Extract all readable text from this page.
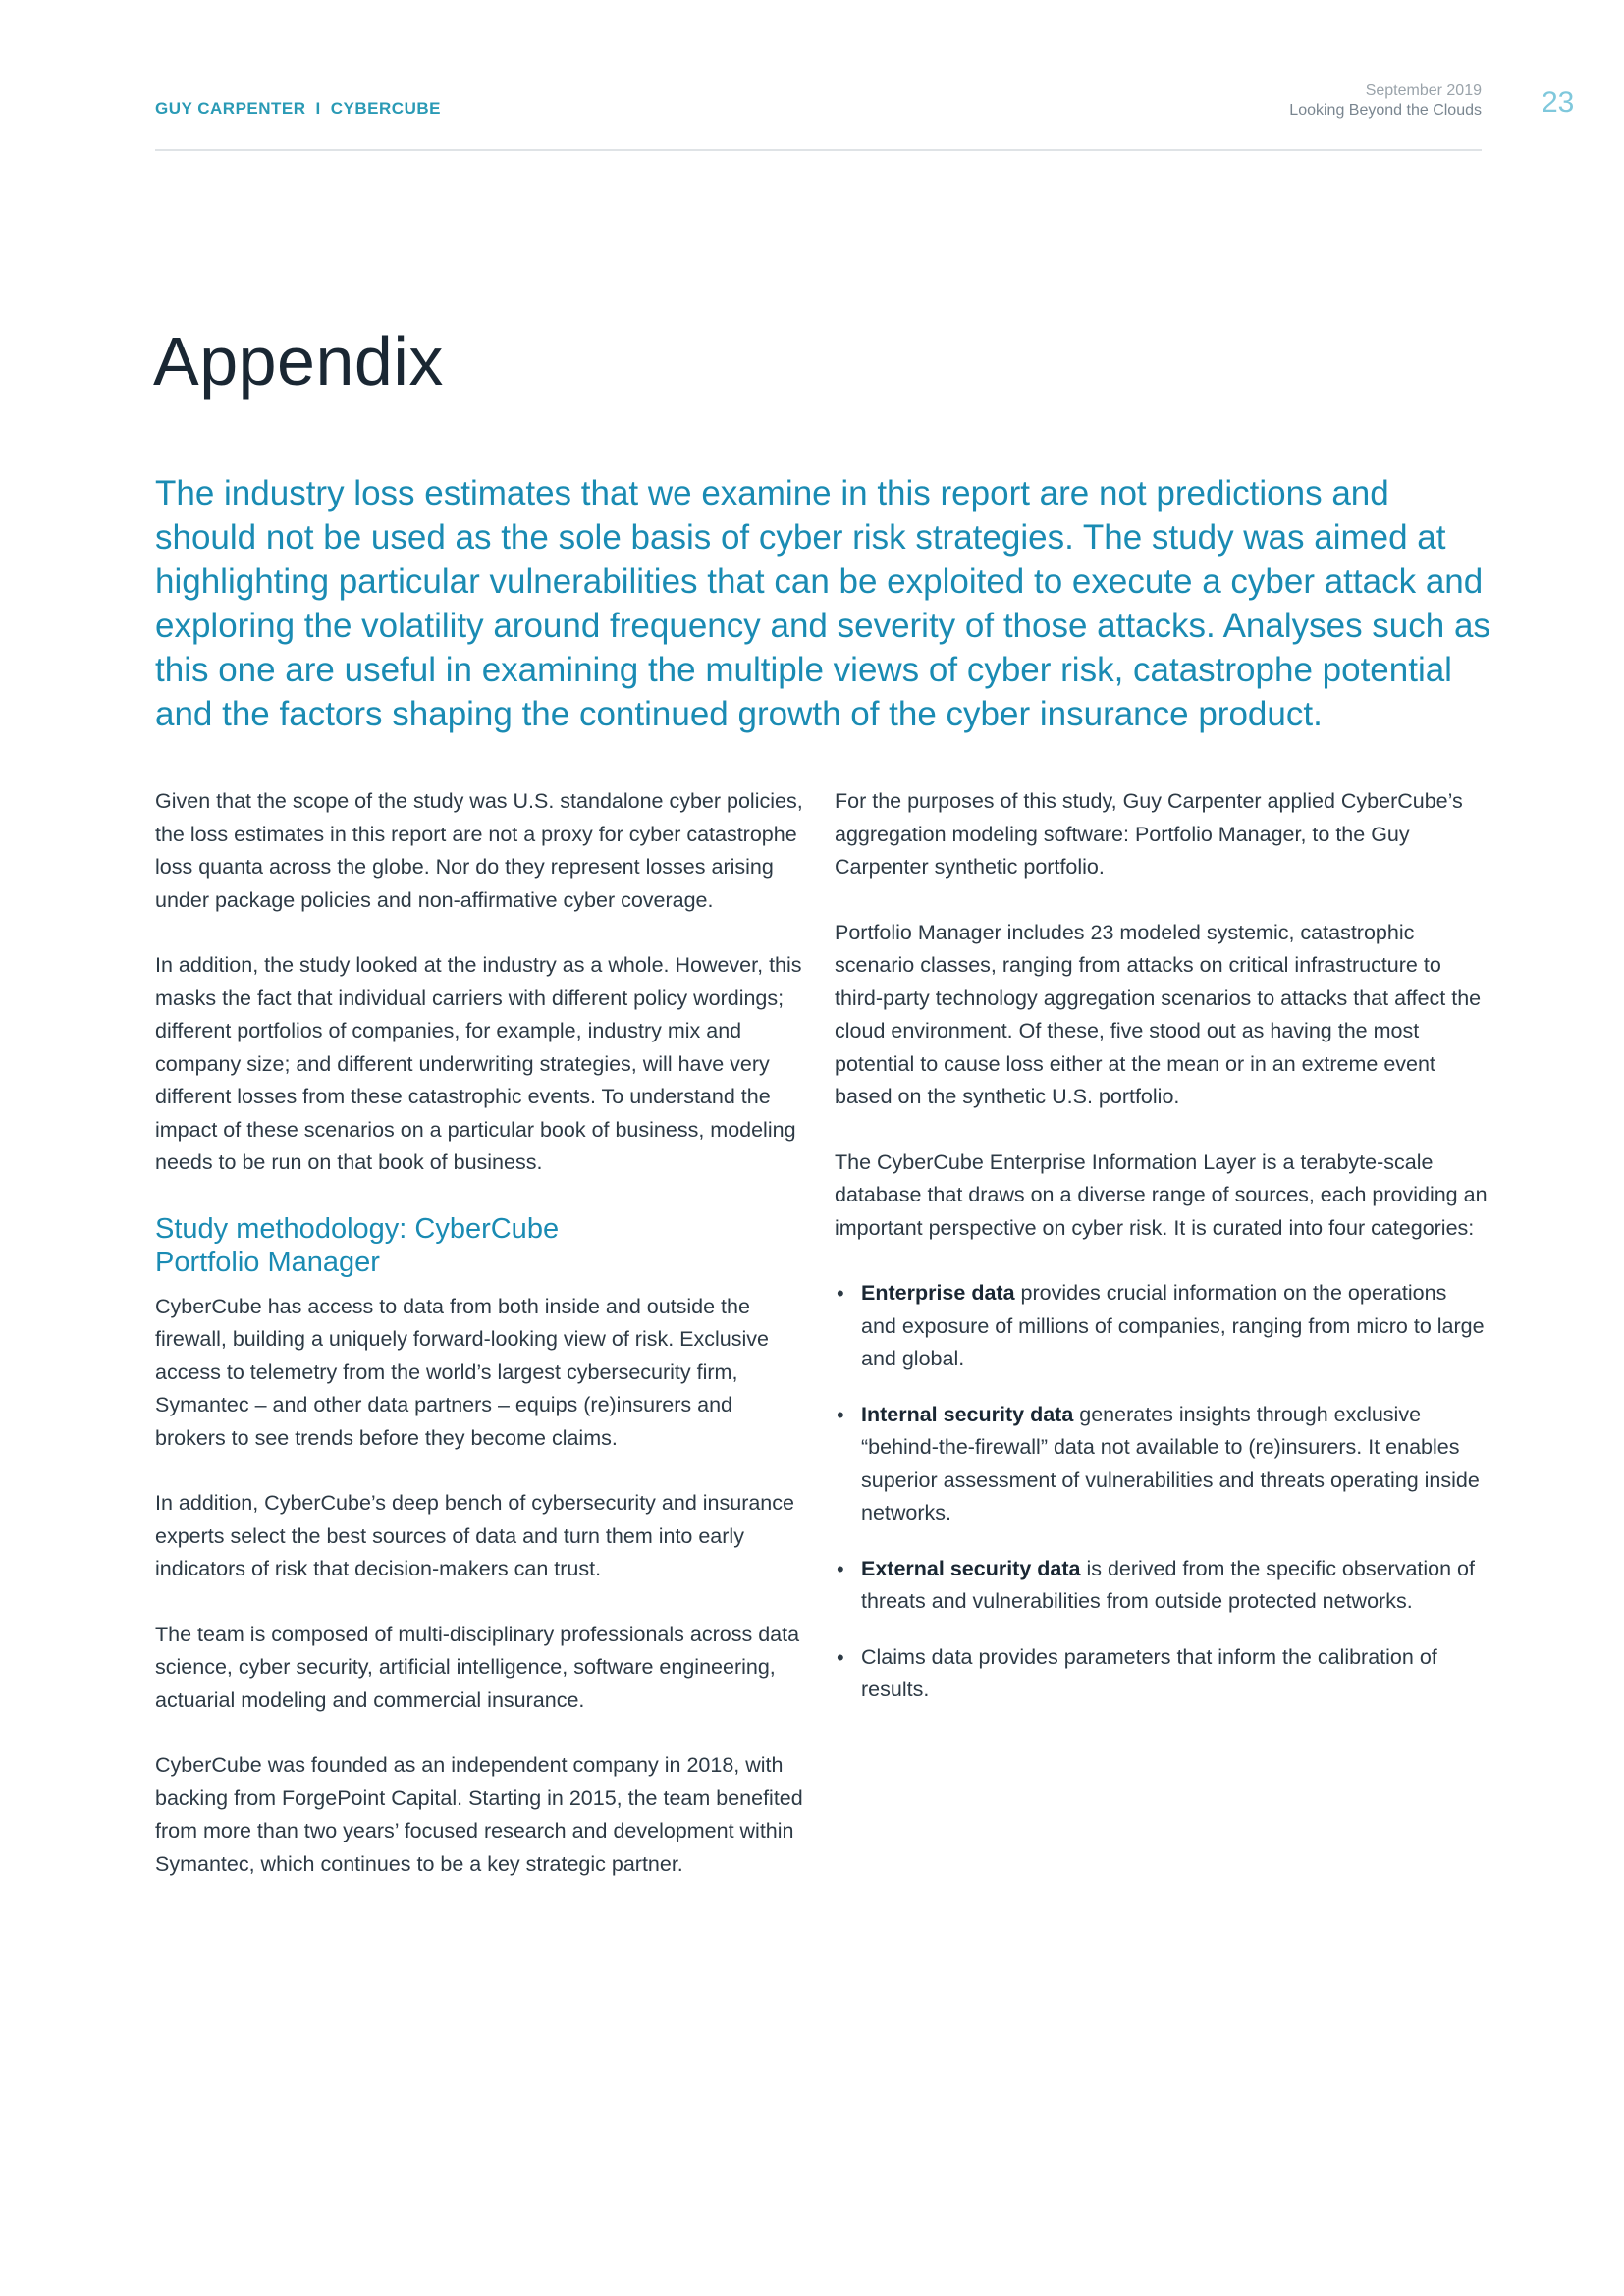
GUY CARPENTER I CYBERCUBE
September 2019
Looking Beyond the Clouds 23
Appendix

The industry loss estimates that we examine in this report are not predictions and should not be used as the sole basis of cyber risk strategies. The study was aimed at highlighting particular vulnerabilities that can be exploited to execute a cyber attack and exploring the volatility around frequency and severity of those attacks. Analyses such as this one are useful in examining the multiple views of cyber risk, catastrophe potential and the factors shaping the continued growth of the cyber insurance product.

Given that the scope of the study was U.S. standalone cyber policies, the loss estimates in this report are not a proxy for cyber catastrophe loss quanta across the globe. Nor do they represent losses arising under package policies and non-affirmative cyber coverage.

In addition, the study looked at the industry as a whole. However, this masks the fact that individual carriers with different policy wordings; different portfolios of companies, for example, industry mix and company size; and different underwriting strategies, will have very different losses from these catastrophic events. To understand the impact of these scenarios on a particular book of business, modeling needs to be run on that book of business.

Study methodology: CyberCube
Portfolio Manager

CyberCube has access to data from both inside and outside the firewall, building a uniquely forward-looking view of risk. Exclusive access to telemetry from the world’s largest cybersecurity firm, Symantec – and other data partners – equips (re)insurers and brokers to see trends before they become claims.

In addition, CyberCube’s deep bench of cybersecurity and insurance experts select the best sources of data and turn them into early indicators of risk that decision-makers can trust.

The team is composed of multi-disciplinary professionals across data science, cyber security, artificial intelligence, software engineering, actuarial modeling and commercial insurance.

CyberCube was founded as an independent company in 2018, with backing from ForgePoint Capital. Starting in 2015, the team benefited from more than two years’ focused research and development within Symantec, which continues to be a key strategic partner.

For the purposes of this study, Guy Carpenter applied CyberCube’s aggregation modeling software: Portfolio Manager, to the Guy Carpenter synthetic portfolio.

Portfolio Manager includes 23 modeled systemic, catastrophic scenario classes, ranging from attacks on critical infrastructure to third-party technology aggregation scenarios to attacks that affect the cloud environment. Of these, five stood out as having the most potential to cause loss either at the mean or in an extreme event based on the synthetic U.S. portfolio.

The CyberCube Enterprise Information Layer is a terabyte-scale database that draws on a diverse range of sources, each providing an important perspective on cyber risk. It is curated into four categories:

• Enterprise data provides crucial information on the operations and exposure of millions of companies, ranging from micro to large and global.
• Internal security data generates insights through exclusive “behind-the-firewall” data not available to (re)insurers. It enables superior assessment of vulnerabilities and threats operating inside networks.
• External security data is derived from the specific observation of threats and vulnerabilities from outside protected networks.
• Claims data provides parameters that inform the calibration of results.
